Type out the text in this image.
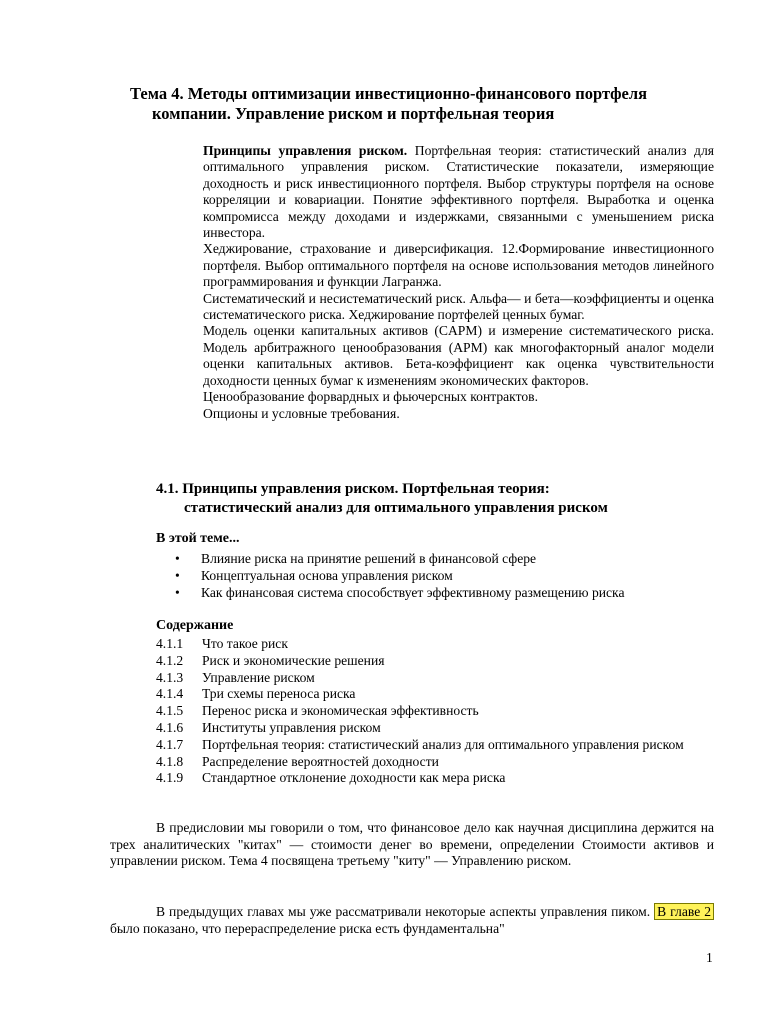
Тема 4. Методы оптимизации инвестиционно-финансового портфеля
компании. Управление риском и портфельная теория

Принципы управления риском. Портфельная теория: статистический анализ для оптимального управления риском. Статистические показатели, измеряющие доходность и риск инвестиционного портфеля. Выбор структуры портфеля на основе корреляции и ковариации. Понятие эффективного портфеля. Выработка и оценка компромисса между доходами и издержками, связанными с уменьшением риска инвестора.

Хеджирование, страхование и диверсификация. 12.Формирование инвестиционного портфеля. Выбор оптимального портфеля на основе использования методов линейного программирования и функции Лагранжа.

Систематический и несистематический риск. Альфа— и бета—коэффициенты и оценка систематического риска. Хеджирование портфелей ценных бумаг.

Модель оценки капитальных активов (CAPM) и измерение систематического риска. Модель арбитражного ценообразования (APM) как многофакторный аналог модели оценки капитальных активов. Бета-коэффициент как оценка чувствительности доходности ценных бумаг к изменениям экономических факторов.

Ценообразование форвардных и фьючерсных контрактов.

Опционы и условные требования.

4.1. Принципы управления риском. Портфельная теория:
статистический анализ для оптимального управления риском
В этой теме...
•	Влияние риска на принятие решений в финансовой сфере
•	Концептуальная основа управления риском
•	Как финансовая система способствует эффективному размещению риска
Содержание
4.1.1	Что такое риск
4.1.2	Риск и экономические решения
4.1.3	Управление риском
4.1.4	Три схемы переноса риска
4.1.5	Перенос риска и экономическая эффективность
4.1.6	Институты управления риском
4.1.7	Портфельная теория: статистический анализ для оптимального управления риском
4.1.8	Распределение вероятностей доходности
4.1.9	Стандартное отклонение доходности как мера риска

В предисловии мы говорили о том, что финансовое дело как научная дисциплина держится на трех аналитических "китах" — стоимости денег во времени, определении Стоимости активов и управлении риском. Тема 4 посвящена третьему "киту" — Управлению риском.

В предыдущих главах мы уже рассматривали некоторые аспекты управления пиком. В главе 2 было показано, что перераспределение риска есть фундаментальна"

1
